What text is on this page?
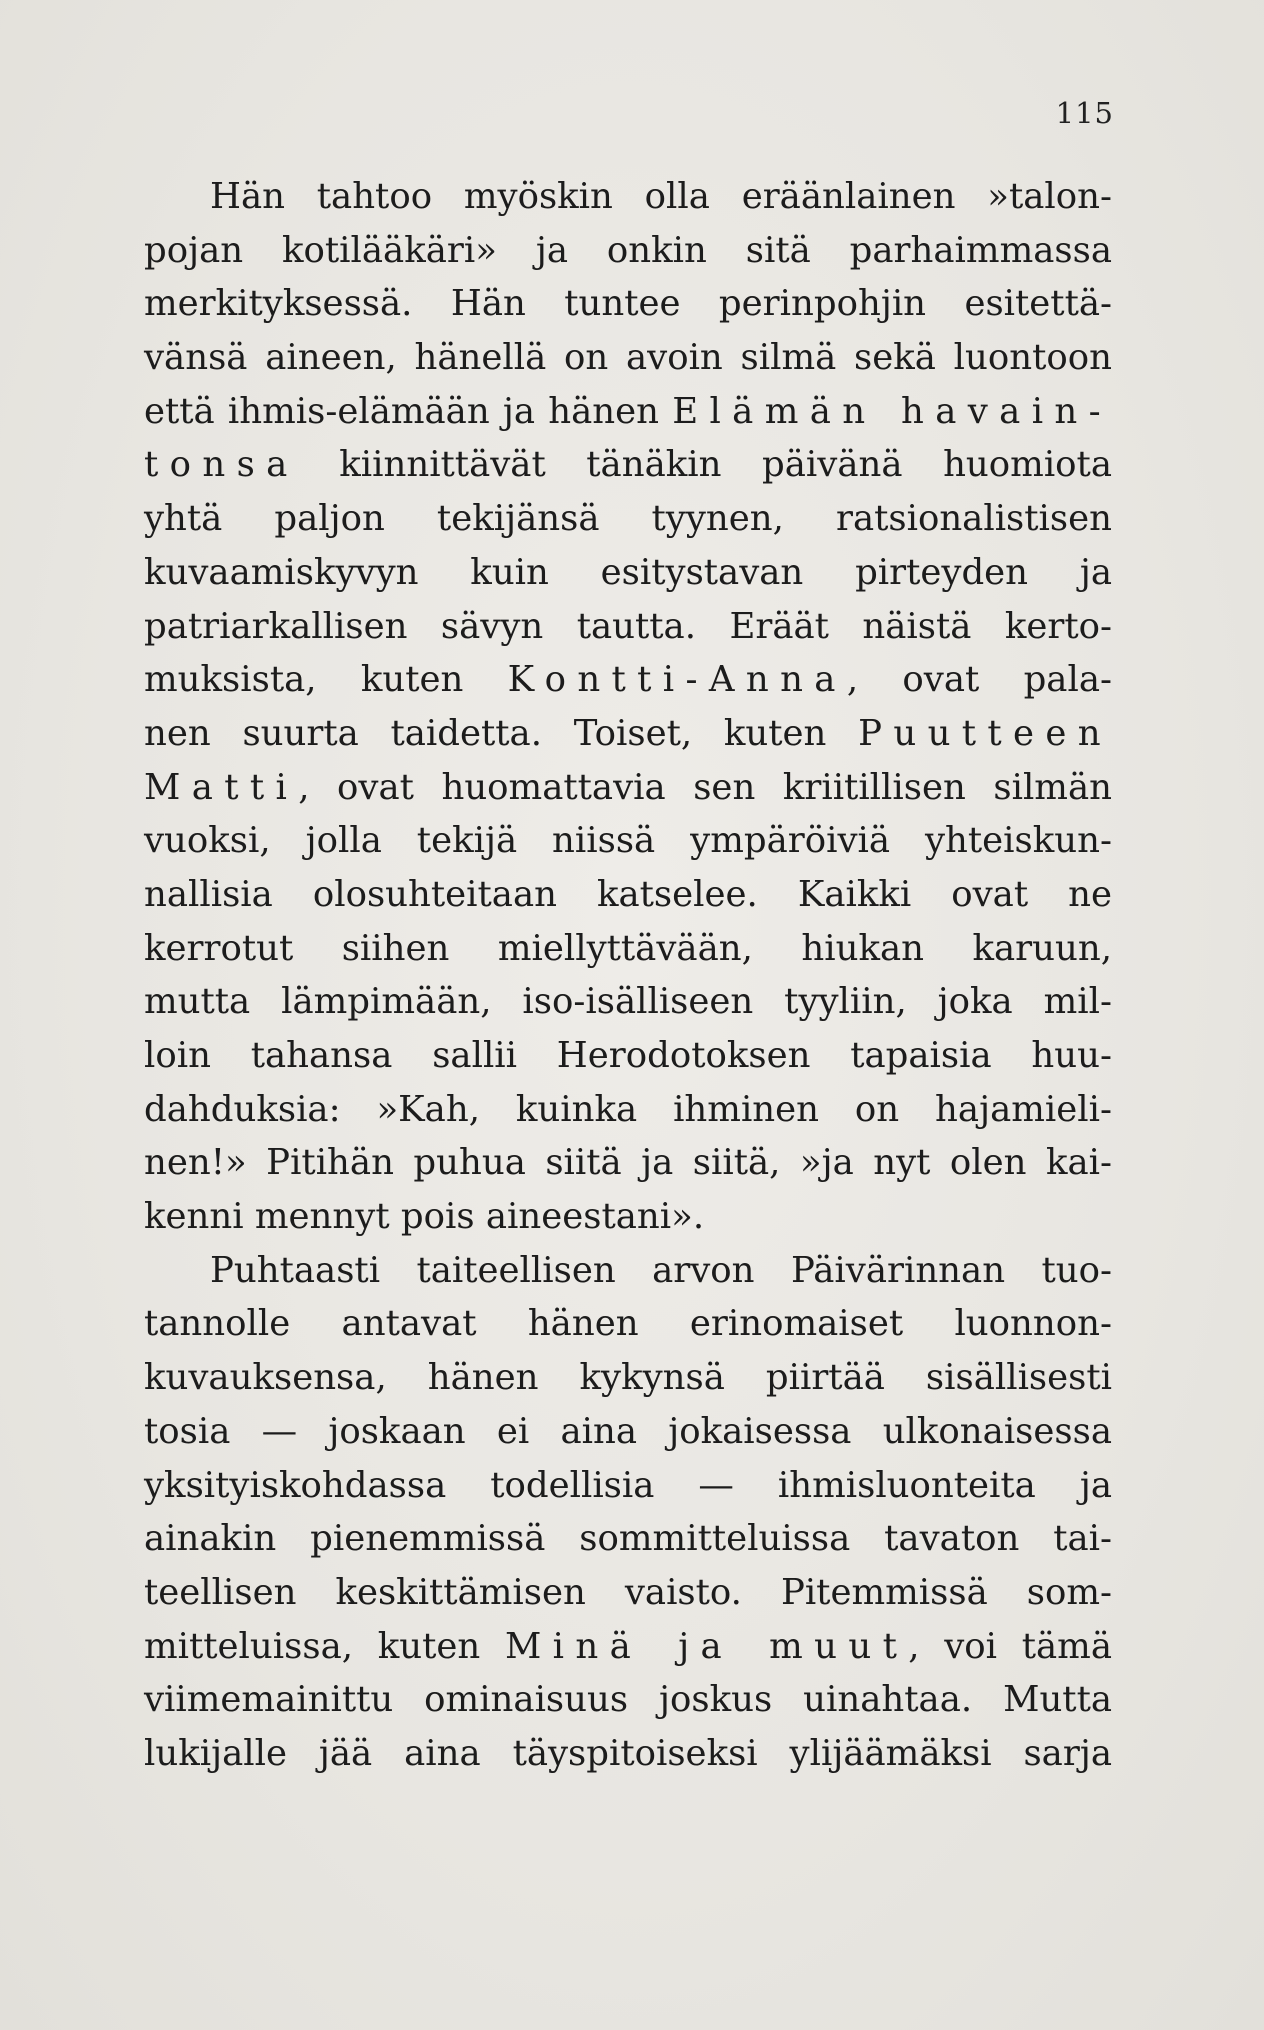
115
Hän tahtoo myöskin olla eräänlainen »talon-
pojan kotilääkäri» ja onkin sitä parhaimmassa
merkityksessä. Hän tuntee perinpohjin esitettä-
vänsä aineen, hänellä on avoin silmä sekä luontoon
että ihmis-elämään ja hänen Elämän havain-
tonsa kiinnittävät tänäkin päivänä huomiota
yhtä paljon tekijänsä tyynen, ratsionalistisen
kuvaamiskyvyn kuin esitystavan pirteyden ja
patriarkallisen sävyn tautta. Eräät näistä kerto-
muksista, kuten Kontti-Anna, ovat pala-
nen suurta taidetta. Toiset, kuten Puutteen
Matti, ovat huomattavia sen kriitillisen silmän
vuoksi, jolla tekijä niissä ympäröiviä yhteiskun-
nallisia olosuhteitaan katselee. Kaikki ovat ne
kerrotut siihen miellyttävään, hiukan karuun,
mutta lämpimään, iso-isälliseen tyyliin, joka mil-
loin tahansa sallii Herodotoksen tapaisia huu-
dahduksia: »Kah, kuinka ihminen on hajamieli-
nen!» Pitihän puhua siitä ja siitä, »ja nyt olen kai-
kenni mennyt pois aineestani».
Puhtaasti taiteellisen arvon Päivärinnan tuo-
tannolle antavat hänen erinomaiset luonnon-
kuvauksensa, hänen kykynsä piirtää sisällisesti
tosia — joskaan ei aina jokaisessa ulkonaisessa
yksityiskohdassa todellisia — ihmisluonteita ja
ainakin pienemmissä sommitteluissa tavaton tai-
teellisen keskittämisen vaisto. Pitemmissä som-
mitteluissa, kuten Minä ja muut, voi tämä
viimemainittu ominaisuus joskus uinahtaa. Mutta
lukijalle jää aina täyspitoiseksi ylijäämäksi sarja
